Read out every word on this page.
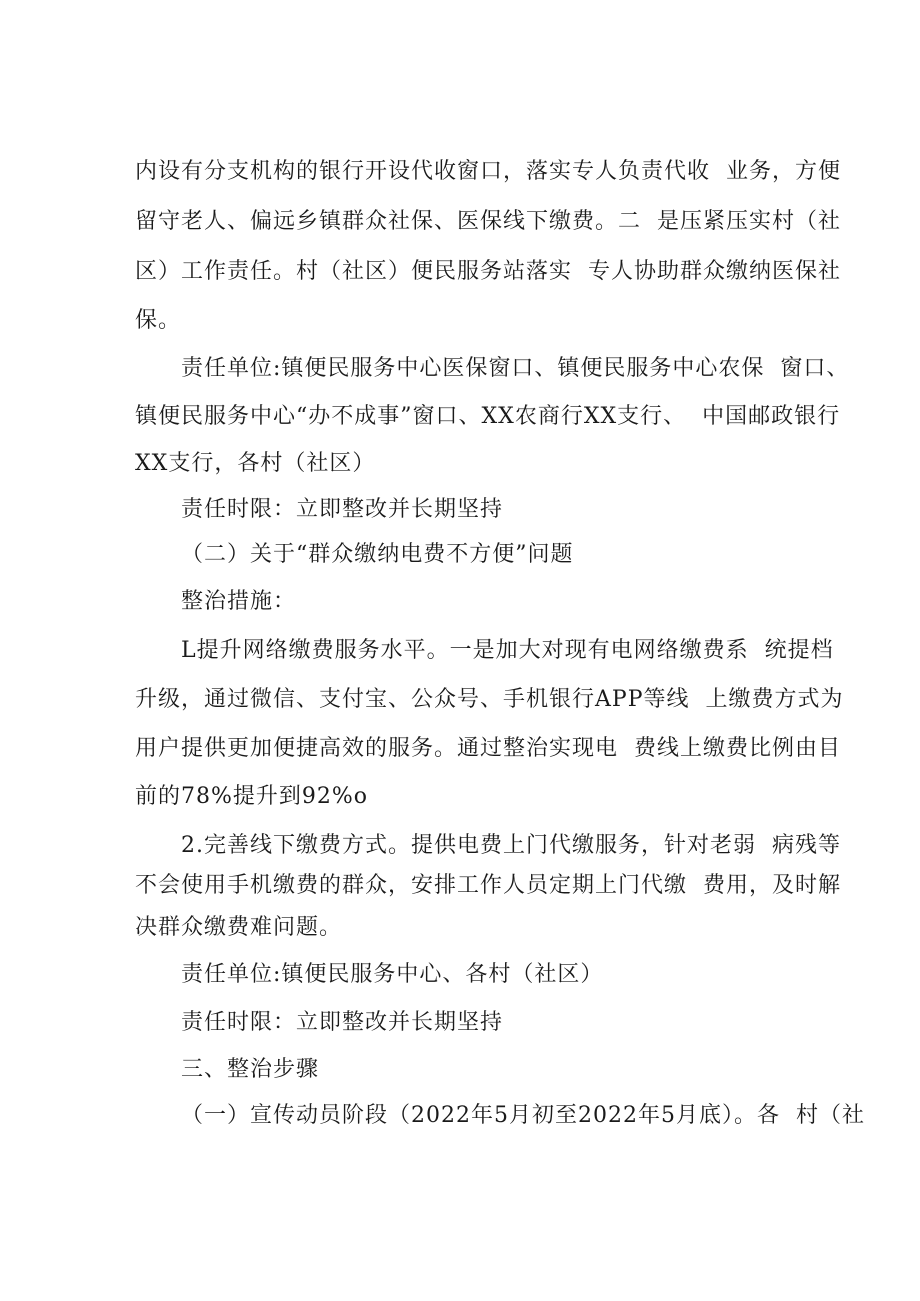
内设有分支机构的银行开设代收窗口，落实专人负责代收  业务，方便
留守老人、偏远乡镇群众社保、医保线下缴费。二  是压紧压实村（社
区）工作责任。村（社区）便民服务站落实  专人协助群众缴纳医保社
保。
责任单位:镇便民服务中心医保窗口、镇便民服务中心农保  窗口、
镇便民服务中心“办不成事”窗口、XX农商行XX支行、  中国邮政银行
XX支行，各村（社区）
责任时限：立即整改并长期坚持
（二）关于“群众缴纳电费不方便”问题
整治措施：
L提升网络缴费服务水平。一是加大对现有电网络缴费系  统提档
升级，通过微信、支付宝、公众号、手机银行APP等线  上缴费方式为
用户提供更加便捷高效的服务。通过整治实现电  费线上缴费比例由目
前的78%提升到92%o
2.完善线下缴费方式。提供电费上门代缴服务，针对老弱  病残等
不会使用手机缴费的群众，安排工作人员定期上门代缴  费用，及时解
决群众缴费难问题。
责任单位:镇便民服务中心、各村（社区）
责任时限：立即整改并长期坚持
三、整治步骤
（一）宣传动员阶段（2022年5月初至2022年5月底）。各  村（社
